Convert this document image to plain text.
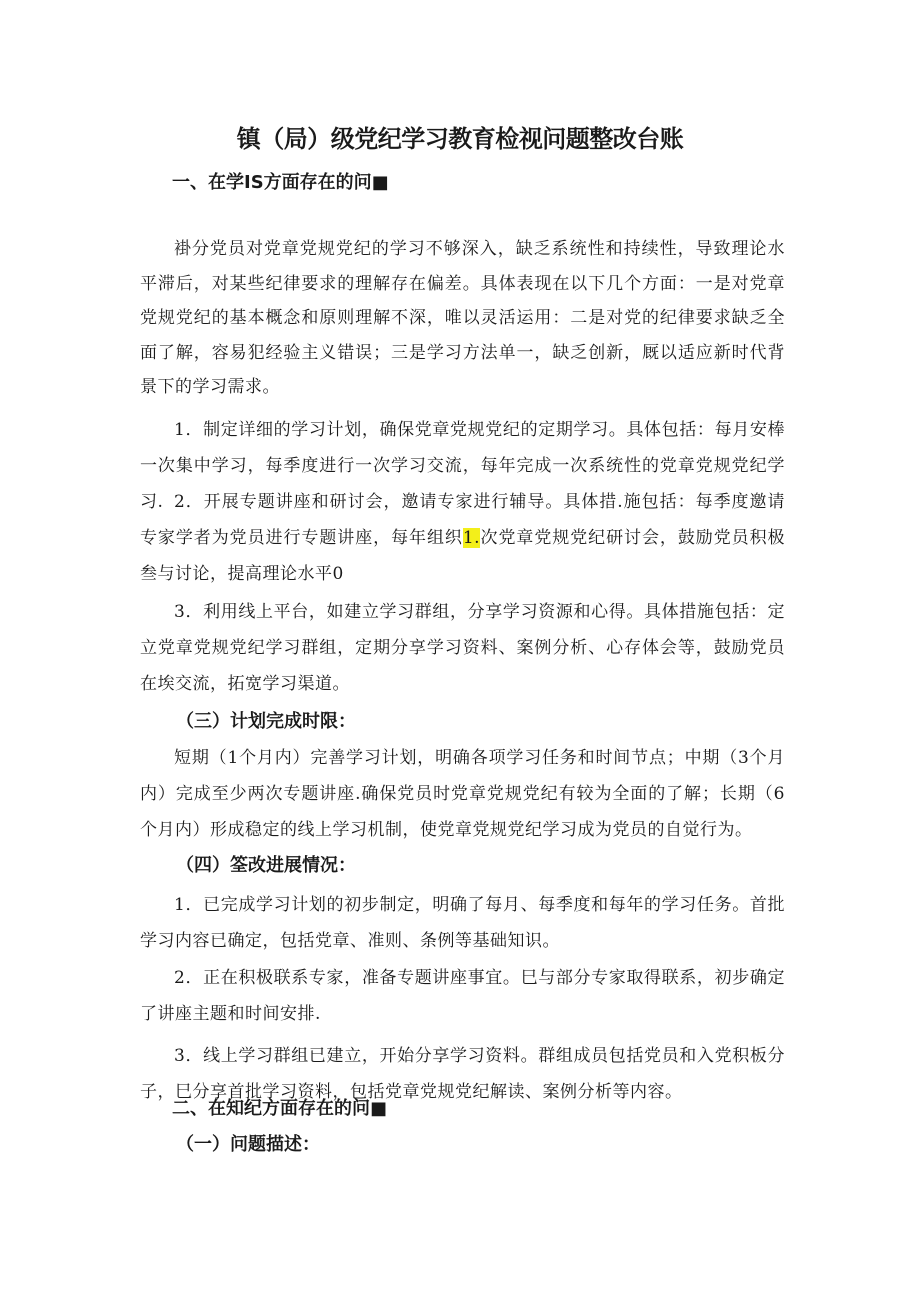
镇（局）级党纪学习教育检视问题整改台账
一、在学IS方面存在的问■

褂分党员对党章党规党纪的学习不够深入，缺乏系统性和持续性，导致理论水平滞后，对某些纪律要求的理解存在偏差。具体表现在以下几个方面：一是对党章党规党纪的基本概念和原则理解不深，唯以灵活运用：二是对党的纪律要求缺乏全面了解，容易犯经验主义错误；三是学习方法单一，缺乏创新，厩以适应新时代背景下的学习需求。

1．制定详细的学习计划，确保党章党规党纪的定期学习。具体包括：每月安棒一次集中学习，每季度进行一次学习交流，每年完成一次系统性的党章党规党纪学习. 2．开展专题讲座和研讨会，邀请专家进行辅导。具体措.施包括：每季度邀请专家学者为党员进行专题讲座，每年组织1.次党章党规党纪研讨会，鼓励党员积极叁与讨论，提高理论水平0

3．利用线上平台，如建立学习群组，分享学习资源和心得。具体措施包括：定立党章党规党纪学习群组，定期分享学习资料、案例分析、心存体会等，鼓励党员在埃交流，拓宽学习渠道。

（三）计划完成时限：

短期（1个月内）完善学习计划，明确各项学习任务和时间节点；中期（3个月内）完成至少两次专题讲座.确保党员时党章党规党纪有较为全面的了解；长期（6个月内）形成稳定的线上学习机制，使党章党规党纪学习成为党员的自觉行为。

（四）筌改进展情况：

1．已完成学习计划的初步制定，明确了每月、每季度和每年的学习任务。首批学习内容已确定，包括党章、准则、条例等基础知识。

2．正在积极联系专家，准备专题讲座事宜。巳与部分专家取得联系，初步确定了讲座主题和时间安排.

3．线上学习群组已建立，开始分享学习资料。群组成员包括党员和入党积板分子，巳分享首批学习资料，包括党章党规党纪解读、案例分析等内容。

二、在知纪方面存在的问■
（一）问题描述：
